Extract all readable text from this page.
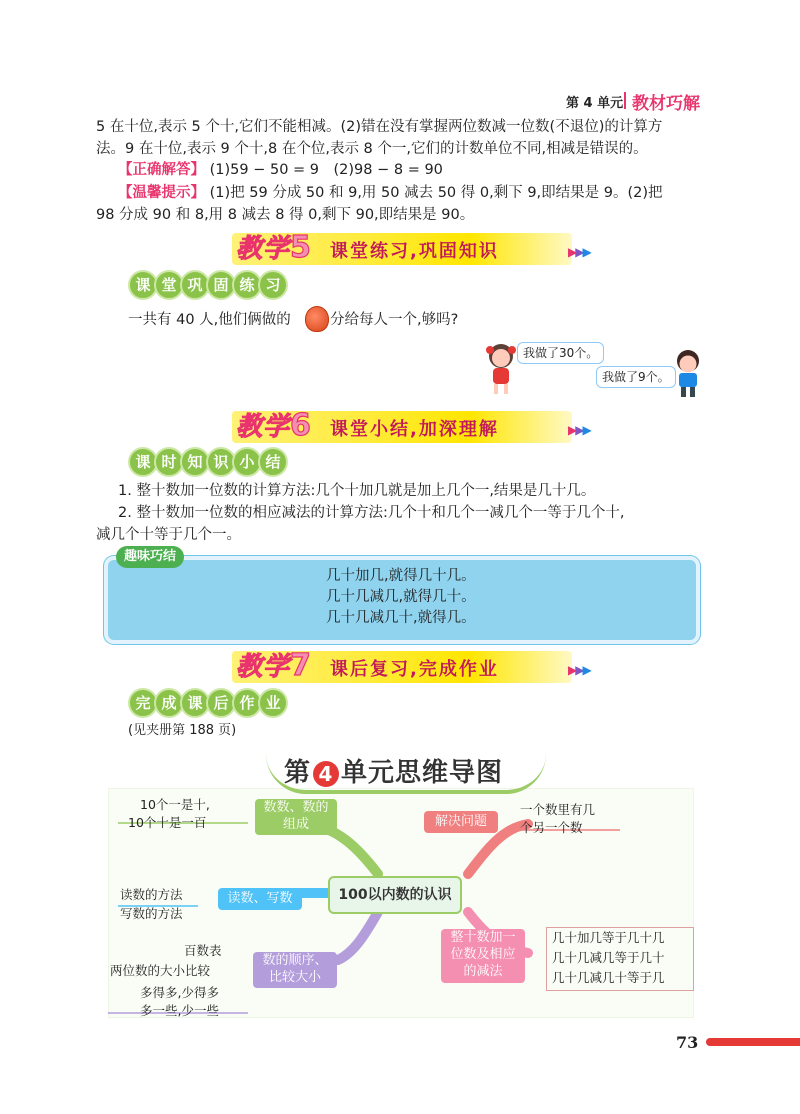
第 4 单元 教材巧解
5 在十位,表示 5 个十,它们不能相减。(2)错在没有掌握两位数减一位数(不退位)的计算方
法。9 在十位,表示 9 个十,8 在个位,表示 8 个一,它们的计数单位不同,相减是错误的。
【正确解答】 (1)59 − 50 = 9　(2)98 − 8 = 90
【温馨提示】 (1)把 59 分成 50 和 9,用 50 减去 50 得 0,剩下 9,即结果是 9。(2)把
98 分成 90 和 8,用 8 减去 8 得 0,剩下 90,即结果是 90。
教学5 课堂练习,巩固知识	▶▶▶
课 堂 巩 固 练 习
一共有 40 人,他们俩做的	分给每人一个,够吗?
我做了30个。
我做了9个。
教学6 课堂小结,加深理解	▶▶▶
课 时 知 识 小 结
1. 整十数加一位数的计算方法:几个十加几就是加上几个一,结果是几十几。
2. 整十数加一位数的相应减法的计算方法:几个十和几个一减几个一等于几个十,
减几个十等于几个一。
趣味巧结
几十加几,就得几十几。
几十几减几,就得几十。
几十几减几十,就得几。
教学7 课后复习,完成作业	▶▶▶
完 成 课 后 作 业
(见夹册第 188 页)
第 4 单元思维导图
100以内数的认识
数数、数的
组成
读数、写数
数的顺序、
比较大小
解决问题
整十数加一
位数及相应
的减法
10个一是十,
10个十是一百
读数的方法
写数的方法
百数表
两位数的大小比较
多得多,少得多
多一些,少一些
一个数里有几
个另一个数
几十加几等于几十几
几十几减几等于几十
几十几减几十等于几
73
